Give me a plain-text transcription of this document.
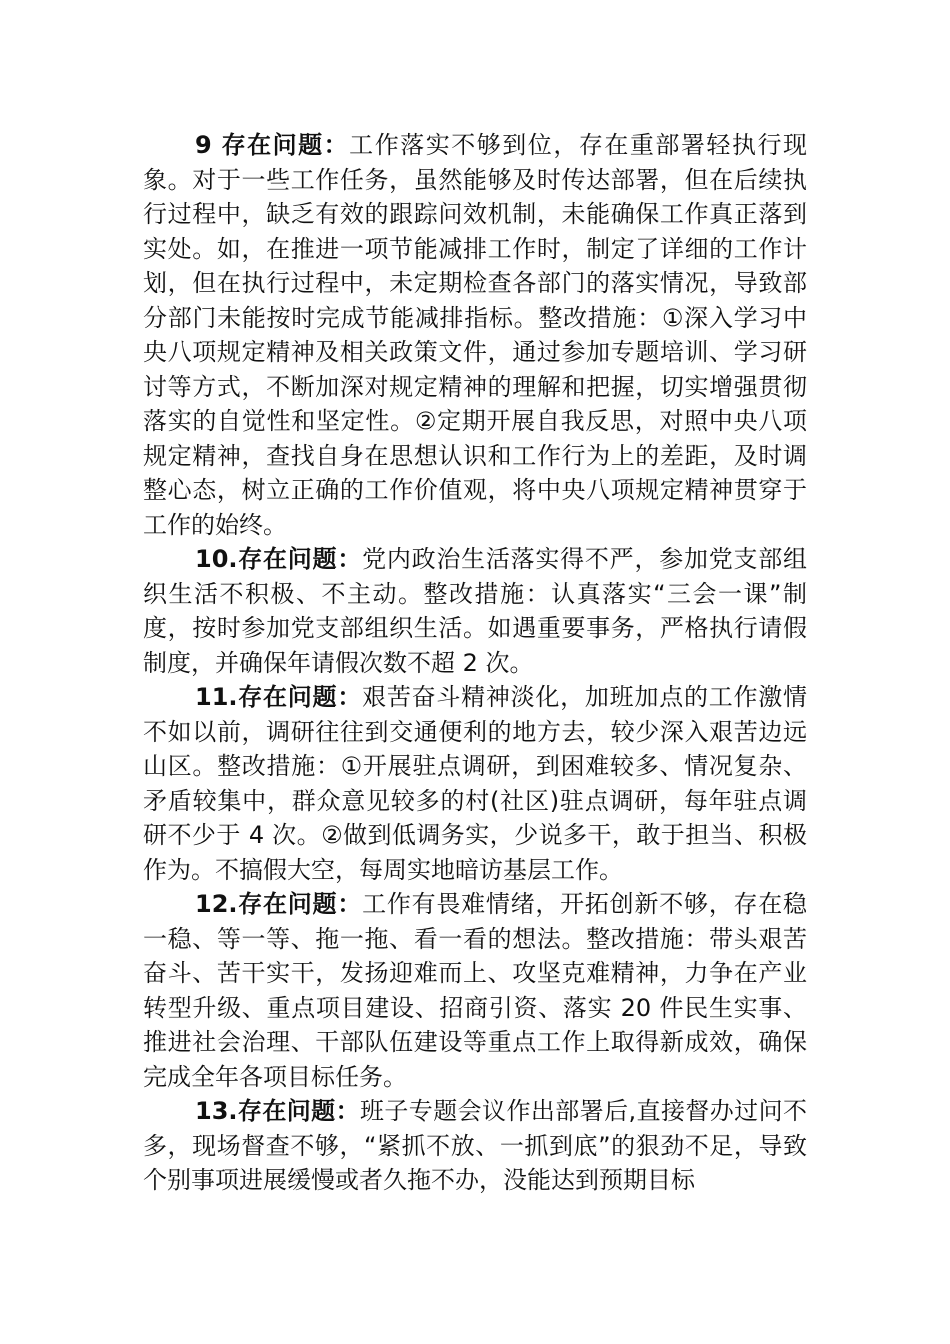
9 存在问题：工作落实不够到位，存在重部署轻执行现象。对于一些工作任务，虽然能够及时传达部署，但在后续执行过程中，缺乏有效的跟踪问效机制，未能确保工作真正落到实处。如，在推进一项节能减排工作时，制定了详细的工作计划，但在执行过程中，未定期检查各部门的落实情况，导致部分部门未能按时完成节能减排指标。整改措施：①深入学习中央八项规定精神及相关政策文件，通过参加专题培训、学习研讨等方式，不断加深对规定精神的理解和把握，切实增强贯彻落实的自觉性和坚定性。②定期开展自我反思，对照中央八项规定精神，查找自身在思想认识和工作行为上的差距，及时调整心态，树立正确的工作价值观，将中央八项规定精神贯穿于工作的始终。

10.存在问题：党内政治生活落实得不严，参加党支部组织生活不积极、不主动。整改措施：认真落实“三会一课”制度，按时参加党支部组织生活。如遇重要事务，严格执行请假制度，并确保年请假次数不超 2 次。

11.存在问题：艰苦奋斗精神淡化，加班加点的工作激情不如以前，调研往往到交通便利的地方去，较少深入艰苦边远山区。整改措施：①开展驻点调研，到困难较多、情况复杂、矛盾较集中，群众意见较多的村(社区)驻点调研，每年驻点调研不少于 4 次。②做到低调务实，少说多干，敢于担当、积极作为。不搞假大空，每周实地暗访基层工作。

12.存在问题：工作有畏难情绪，开拓创新不够，存在稳一稳、等一等、拖一拖、看一看的想法。整改措施：带头艰苦奋斗、苦干实干，发扬迎难而上、攻坚克难精神，力争在产业转型升级、重点项目建设、招商引资、落实 20 件民生实事、推进社会治理、干部队伍建设等重点工作上取得新成效，确保完成全年各项目标任务。

13.存在问题：班子专题会议作出部署后,直接督办过问不多，现场督查不够，“紧抓不放、一抓到底”的狠劲不足，导致个别事项进展缓慢或者久拖不办，没能达到预期目标
